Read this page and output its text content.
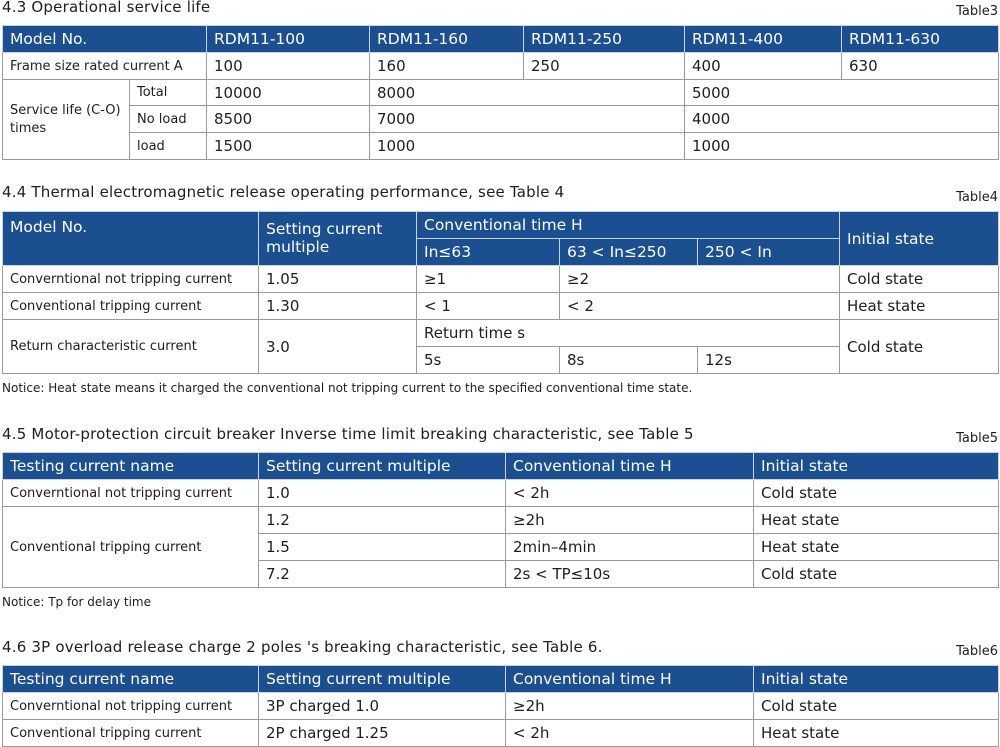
4.3 Operational service life	Table3
Model No.		RDM11-100	RDM11-160	RDM11-250	RDM11-400	RDM11-630
Frame size rated current A		100	160	250	400	630
Service life (C-O) times	Total	10000	8000		5000	
	No load	8500	7000		4000	
	load	1500	1000		1000	
4.4 Thermal electromagnetic release operating performance, see Table 4	Table4
Model No.	Setting current multiple	Conventional time H			Initial state
		In≤63	63 < In≤250	250 < In	
Converntional not tripping current	1.05	≥1	≥2		Cold state
Conventional tripping current	1.30	< 1	< 2		Heat state
Return characteristic current	3.0	Return time s			Cold state
		5s	8s	12s	
Notice: Heat state means it charged the conventional not tripping current to the specified conventional time state.
4.5 Motor-protection circuit breaker Inverse time limit breaking characteristic, see Table 5	Table5
Testing current name	Setting current multiple	Conventional time H	Initial state
Converntional not tripping current	1.0	< 2h	Cold state
Conventional tripping current	1.2	≥2h	Heat state
	1.5	2min–4min	Heat state
	7.2	2s < TP≤10s	Cold state
Notice: Tp for delay time
4.6 3P overload release charge 2 poles 's breaking characteristic, see Table 6.	Table6
Testing current name	Setting current multiple	Conventional time H	Initial state
Converntional not tripping current	3P charged 1.0	≥2h	Cold state
Conventional tripping current	2P charged 1.25	< 2h	Heat state
